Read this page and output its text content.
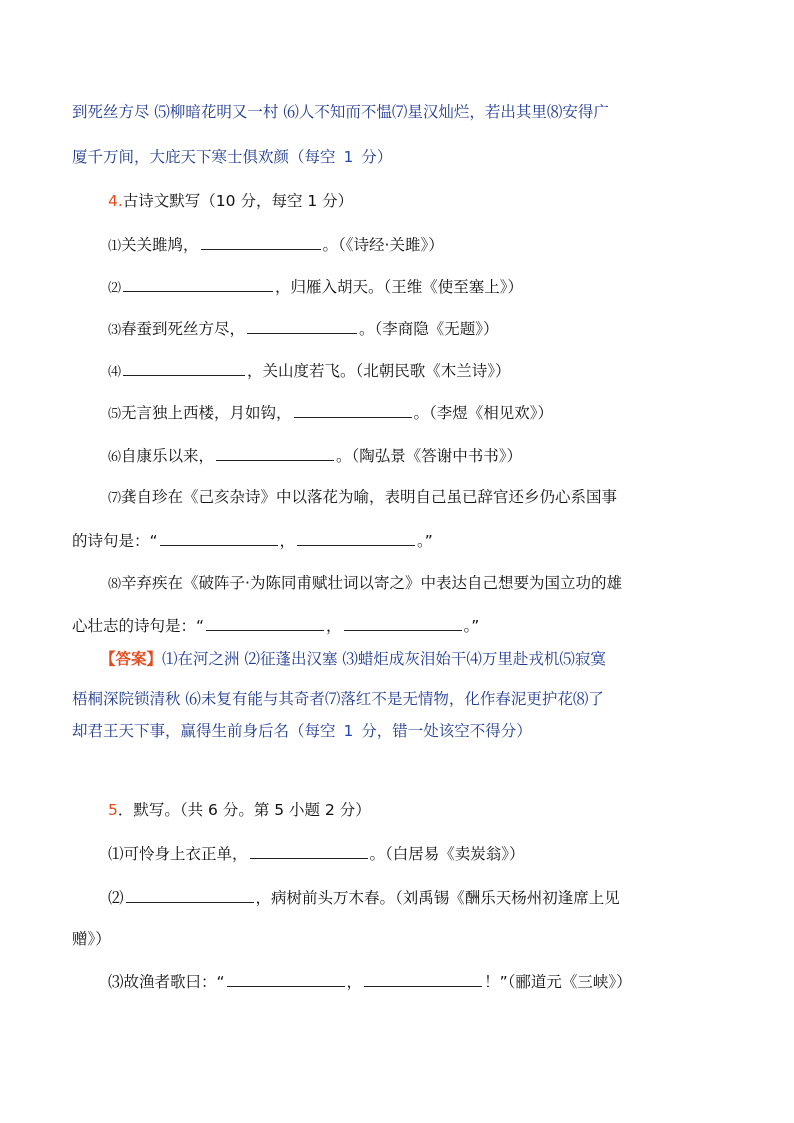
到死丝方尽 ⑸柳暗花明又一村 ⑹人不知而不愠⑺星汉灿烂，若出其里⑻安得广
厦千万间，大庇天下寒士俱欢颜（每空 1 分）
4.古诗文默写（10 分，每空 1 分）
⑴关关雎鸠，	。（《诗经·关雎》）
⑵	，归雁入胡天。（王维《使至塞上》）
⑶春蚕到死丝方尽，	。（李商隐《无题》）
⑷	，关山度若飞。（北朝民歌《木兰诗》）
⑸无言独上西楼，月如钩，	。（李煜《相见欢》）
⑹自康乐以来，	。（陶弘景《答谢中书书》）
⑺龚自珍在《己亥杂诗》中以落花为喻，表明自己虽已辞官还乡仍心系国事
的诗句是：“	，	。”
⑻辛弃疾在《破阵子·为陈同甫赋壮词以寄之》中表达自己想要为国立功的雄
心壮志的诗句是：“	，	。”
【答案】⑴在河之洲 ⑵征蓬出汉塞 ⑶蜡炬成灰泪始干⑷万里赴戎机⑸寂寞
梧桐深院锁清秋 ⑹未复有能与其奇者⑺落红不是无情物，化作春泥更护花⑻了
却君王天下事，赢得生前身后名（每空 1 分，错一处该空不得分）
5．默写。（共 6 分。第 5 小题 2 分）
⑴可怜身上衣正单，	。（白居易《卖炭翁》）
⑵	，病树前头万木春。（刘禹锡《酬乐天杨州初逢席上见
赠》）
⑶故渔者歌曰：“	，	！”（郦道元《三峡》）
